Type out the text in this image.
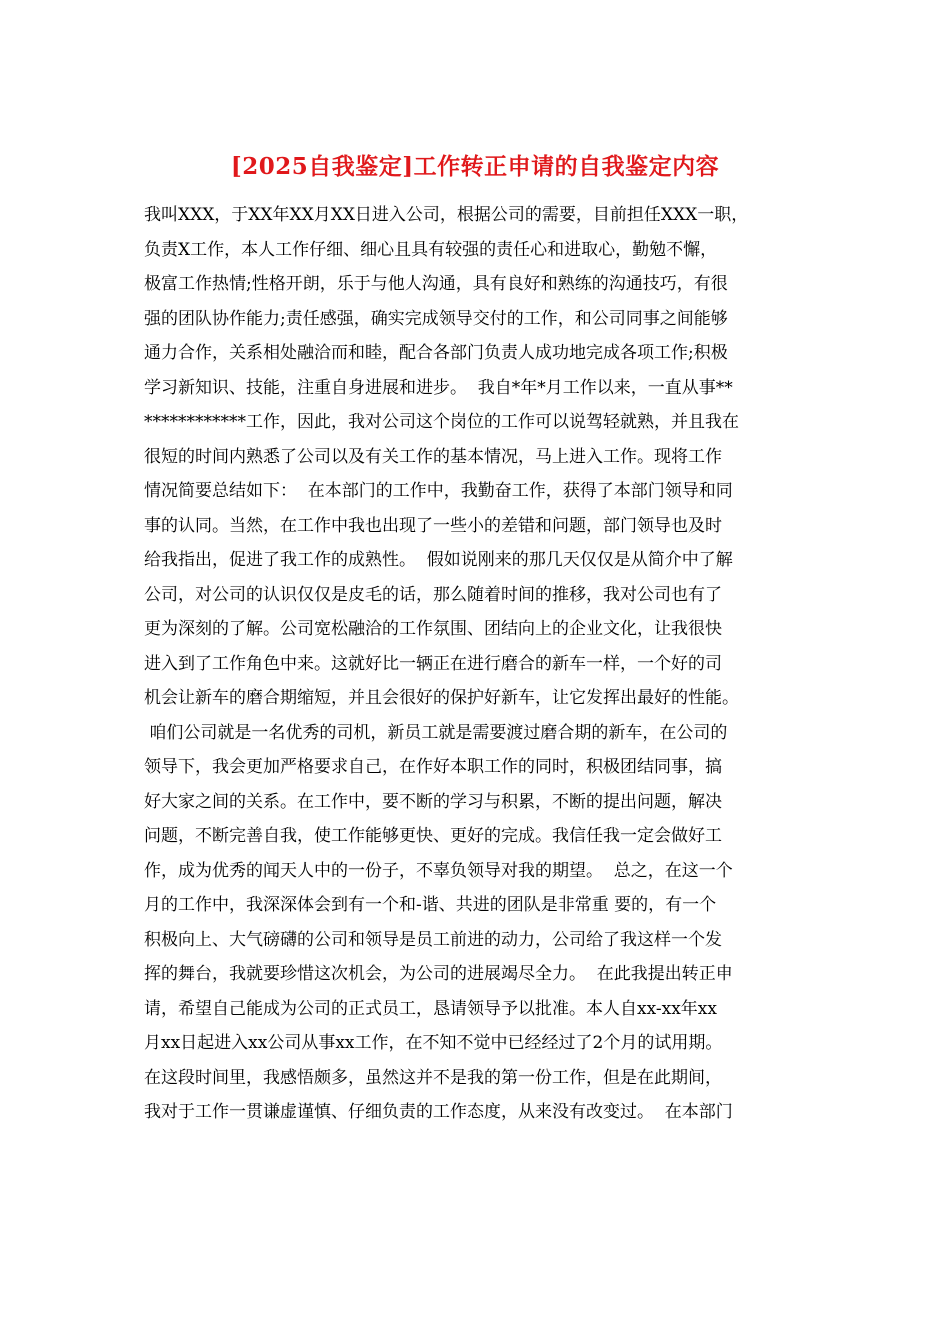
[2025自我鉴定]工作转正申请的自我鉴定内容
我叫XXX，于XX年XX月XX日进入公司，根据公司的需要，目前担任XXX一职，
负责X工作，本人工作仔细、细心且具有较强的责任心和进取心，勤勉不懈，
极富工作热情;性格开朗，乐于与他人沟通，具有良好和熟练的沟通技巧，有很
强的团队协作能力;责任感强，确实完成领导交付的工作，和公司同事之间能够
通力合作，关系相处融洽而和睦，配合各部门负责人成功地完成各项工作;积极
学习新知识、技能，注重自身进展和进步。  我自*年*月工作以来，一直从事**
************工作，因此，我对公司这个岗位的工作可以说驾轻就熟，并且我在
很短的时间内熟悉了公司以及有关工作的基本情况，马上进入工作。现将工作
情况简要总结如下：  在本部门的工作中，我勤奋工作，获得了本部门领导和同
事的认同。当然，在工作中我也出现了一些小的差错和问题，部门领导也及时
给我指出，促进了我工作的成熟性。  假如说刚来的那几天仅仅是从简介中了解
公司，对公司的认识仅仅是皮毛的话，那么随着时间的推移，我对公司也有了
更为深刻的了解。公司宽松融洽的工作氛围、团结向上的企业文化，让我很快
进入到了工作角色中来。这就好比一辆正在进行磨合的新车一样，一个好的司
机会让新车的磨合期缩短，并且会很好的保护好新车，让它发挥出最好的性能。
咱们公司就是一名优秀的司机，新员工就是需要渡过磨合期的新车，在公司的
领导下，我会更加严格要求自己，在作好本职工作的同时，积极团结同事，搞
好大家之间的关系。在工作中，要不断的学习与积累，不断的提出问题，解决
问题，不断完善自我，使工作能够更快、更好的完成。我信任我一定会做好工
作，成为优秀的闻天人中的一份子，不辜负领导对我的期望。  总之，在这一个
月的工作中，我深深体会到有一个和-谐、共进的团队是非常重 要的，有一个
积极向上、大气磅礴的公司和领导是员工前进的动力，公司给了我这样一个发
挥的舞台，我就要珍惜这次机会，为公司的进展竭尽全力。  在此我提出转正申
请，希望自己能成为公司的正式员工，恳请领导予以批准。本人自xx-xx年xx
月xx日起进入xx公司从事xx工作，在不知不觉中已经经过了2个月的试用期。
在这段时间里，我感悟颇多，虽然这并不是我的第一份工作，但是在此期间，
我对于工作一贯谦虚谨慎、仔细负责的工作态度，从来没有改变过。  在本部门
